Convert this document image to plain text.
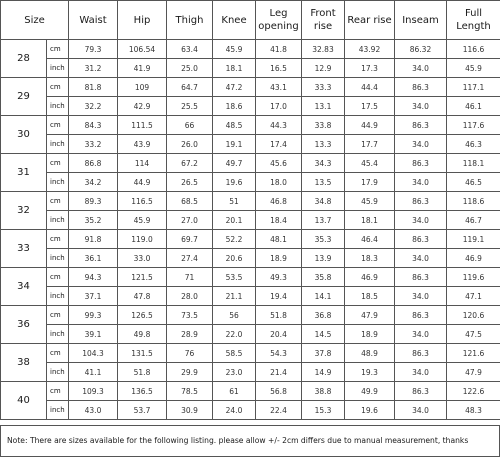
Size		Waist	Hip	Thigh	Knee	Leg opening	Front rise	Rear rise	Inseam	Full Length
28	cm	79.3	106.54	63.4	45.9	41.8	32.83	43.92	86.32	116.6
	inch	31.2	41.9	25.0	18.1	16.5	12.9	17.3	34.0	45.9
29	cm	81.8	109	64.7	47.2	43.1	33.3	44.4	86.3	117.1
	inch	32.2	42.9	25.5	18.6	17.0	13.1	17.5	34.0	46.1
30	cm	84.3	111.5	66	48.5	44.3	33.8	44.9	86.3	117.6
	inch	33.2	43.9	26.0	19.1	17.4	13.3	17.7	34.0	46.3
31	cm	86.8	114	67.2	49.7	45.6	34.3	45.4	86.3	118.1
	inch	34.2	44.9	26.5	19.6	18.0	13.5	17.9	34.0	46.5
32	cm	89.3	116.5	68.5	51	46.8	34.8	45.9	86.3	118.6
	inch	35.2	45.9	27.0	20.1	18.4	13.7	18.1	34.0	46.7
33	cm	91.8	119.0	69.7	52.2	48.1	35.3	46.4	86.3	119.1
	inch	36.1	33.0	27.4	20.6	18.9	13.9	18.3	34.0	46.9
34	cm	94.3	121.5	71	53.5	49.3	35.8	46.9	86.3	119.6
	inch	37.1	47.8	28.0	21.1	19.4	14.1	18.5	34.0	47.1
36	cm	99.3	126.5	73.5	56	51.8	36.8	47.9	86.3	120.6
	inch	39.1	49.8	28.9	22.0	20.4	14.5	18.9	34.0	47.5
38	cm	104.3	131.5	76	58.5	54.3	37.8	48.9	86.3	121.6
	inch	41.1	51.8	29.9	23.0	21.4	14.9	19.3	34.0	47.9
40	cm	109.3	136.5	78.5	61	56.8	38.8	49.9	86.3	122.6
	inch	43.0	53.7	30.9	24.0	22.4	15.3	19.6	34.0	48.3
Note: There are sizes available for the following listing. please allow +/- 2cm differs due to manual measurement, thanks
